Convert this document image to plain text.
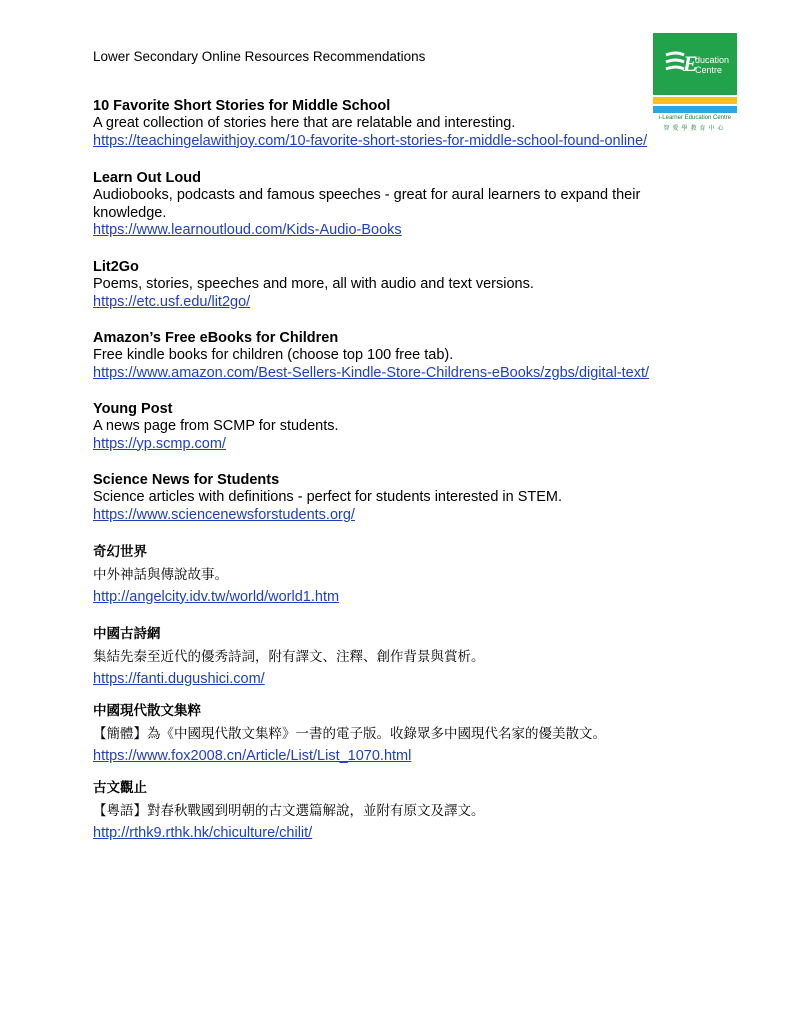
Lower Secondary Online Resources Recommendations	E
ducation
Centre
i-Learner Education Centre
智愛學教育中心
10 Favorite Short Stories for Middle School
A great collection of stories here that are relatable and interesting.
https://teachingelawithjoy.com/10-favorite-short-stories-for-middle-school-found-online/
Learn Out Loud
Audiobooks, podcasts and famous speeches - great for aural learners to expand their knowledge.
https://www.learnoutloud.com/Kids-Audio-Books
Lit2Go
Poems, stories, speeches and more, all with audio and text versions.
https://etc.usf.edu/lit2go/
Amazon’s Free eBooks for Children
Free kindle books for children (choose top 100 free tab).
https://www.amazon.com/Best-Sellers-Kindle-Store-Childrens-eBooks/zgbs/digital-text/
Young Post
A news page from SCMP for students.
https://yp.scmp.com/
Science News for Students
Science articles with definitions - perfect for students interested in STEM.
https://www.sciencenewsforstudents.org/
奇幻世界
中外神話與傳說故事。
http://angelcity.idv.tw/world/world1.htm
中國古詩網
集結先秦至近代的優秀詩詞，附有譯文、注釋、創作背景與賞析。
https://fanti.dugushici.com/
中國現代散文集粹
【簡體】為《中國現代散文集粹》一書的電子版。收錄眾多中國現代名家的優美散文。
https://www.fox2008.cn/Article/List/List_1070.html
古文觀止
【粵語】對春秋戰國到明朝的古文選篇解說，並附有原文及譯文。
http://rthk9.rthk.hk/chiculture/chilit/
